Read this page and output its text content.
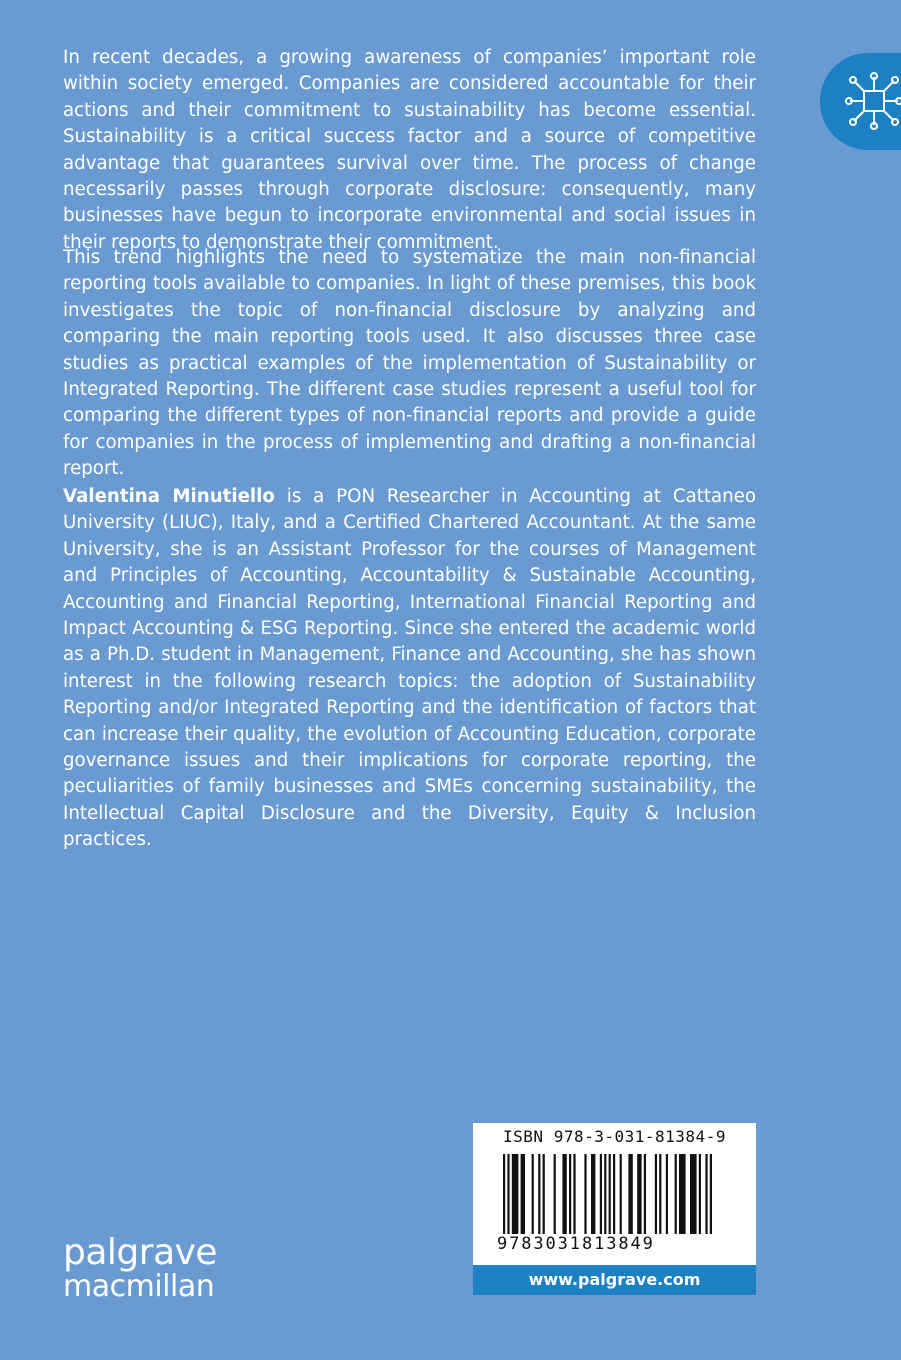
In recent decades, a growing awareness of companies’ important role within society emerged. Companies are considered accountable for their actions and their commitment to sustainability has become essential. Sustainability is a critical success factor and a source of competitive advantage that guarantees survival over time. The process of change necessarily passes through corporate disclosure: consequently, many businesses have begun to incorporate environmental and social issues in their reports to demonstrate their commitment.

This trend highlights the need to systematize the main non-financial reporting tools available to companies. In light of these premises, this book investigates the topic of non-financial disclosure by analyzing and comparing the main reporting tools used. It also discusses three case studies as practical examples of the implementation of Sustainability or Integrated Reporting. The different case studies represent a useful tool for comparing the different types of non-financial reports and provide a guide for companies in the process of implementing and drafting a non-financial report.

Valentina Minutiello is a PON Researcher in Accounting at Cattaneo University (LIUC), Italy, and a Certified Chartered Accountant. At the same University, she is an Assistant Professor for the courses of Management and Principles of Accounting, Accountability & Sustainable Accounting, Accounting and Financial Reporting, International Financial Reporting and Impact Accounting & ESG Reporting. Since she entered the academic world as a Ph.D. student in Management, Finance and Accounting, she has shown interest in the following research topics: the adoption of Sustainability Reporting and/or Integrated Reporting and the identification of factors that can increase their quality, the evolution of Accounting Education, corporate governance issues and their implications for corporate reporting, the peculiarities of family businesses and SMEs concerning sustainability, the Intellectual Capital Disclosure and the Diversity, Equity & Inclusion practices.

palgrave
macmillan
ISBN 978-3-031-81384-9
9783031813849
www.palgrave.com
